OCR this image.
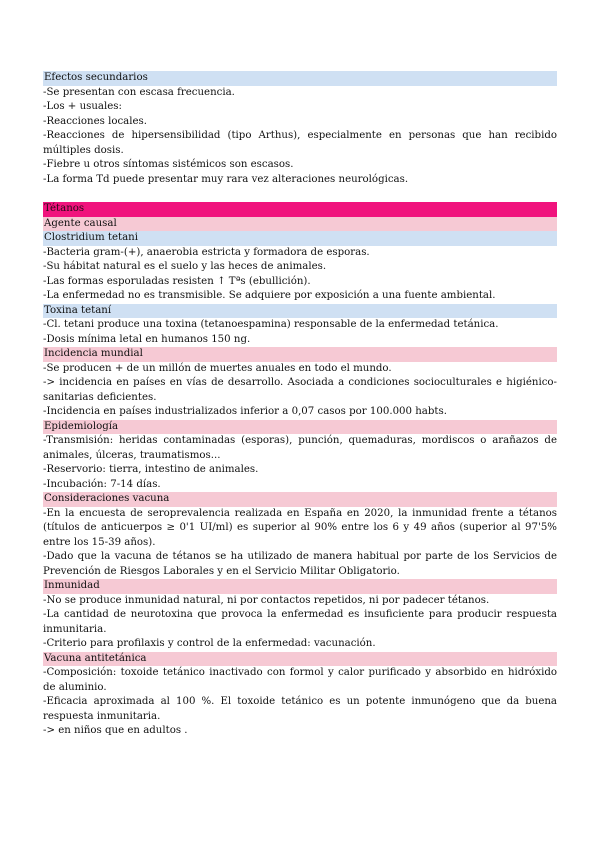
Efectos secundarios

-Se presentan con escasa frecuencia.

-Los + usuales:

-Reacciones locales.

-Reacciones de hipersensibilidad (tipo Arthus), especialmente en personas que han recibido múltiples dosis.

-Fiebre u otros síntomas sistémicos son escasos.

-La forma Td puede presentar muy rara vez alteraciones neurológicas.

Tétanos
Agente causal
Clostridium tetani

-Bacteria gram-(+), anaerobia estricta y formadora de esporas.

-Su hábitat natural es el suelo y las heces de animales.

-Las formas esporuladas resisten ↑ Tªs (ebullición).

-La enfermedad no es transmisible. Se adquiere por exposición a una fuente ambiental.

Toxina tetaní

-Cl. tetani produce una toxina (tetanoespamina) responsable de la enfermedad tetánica.

-Dosis mínima letal en humanos 150 ng.

Incidencia mundial

-Se producen + de un millón de muertes anuales en todo el mundo.

-> incidencia en países en vías de desarrollo. Asociada a condiciones socioculturales e higiénico-sanitarias deficientes.

-Incidencia en países industrializados inferior a 0,07 casos por 100.000 habts.

Epidemiología

-Transmisión: heridas contaminadas (esporas), punción, quemaduras, mordiscos o arañazos de animales, úlceras, traumatismos...

-Reservorio: tierra, intestino de animales.

-Incubación: 7-14 días.

Consideraciones vacuna

-En la encuesta de seroprevalencia realizada en España en 2020, la inmunidad frente a tétanos (títulos de anticuerpos ≥ 0'1 UI/ml) es superior al 90% entre los 6 y 49 años (superior al 97'5% entre los 15-39 años).

-Dado que la vacuna de tétanos se ha utilizado de manera habitual por parte de los Servicios de Prevención de Riesgos Laborales y en el Servicio Militar Obligatorio.

Inmunidad

-No se produce inmunidad natural, ni por contactos repetidos, ni por padecer tétanos.

-La cantidad de neurotoxina que provoca la enfermedad es insuficiente para producir respuesta inmunitaria.

-Criterio para profilaxis y control de la enfermedad: vacunación.

Vacuna antitetánica

-Composición: toxoide tetánico inactivado con formol y calor purificado y absorbido en hidróxido de aluminio.

-Eficacia aproximada al 100 %. El toxoide tetánico es un potente inmunógeno que da buena respuesta inmunitaria.

-> en niños que en adultos .
